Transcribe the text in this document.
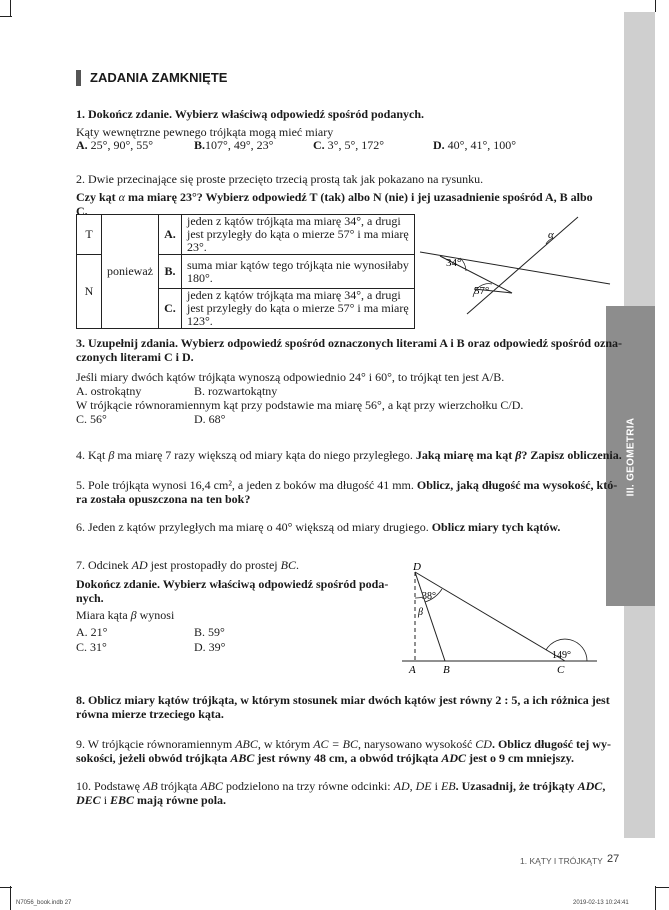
III. GEOMETRIA
ZADANIA ZAMKNIĘTE
1. Dokończ zdanie. Wybierz właściwą odpowiedź spośród podanych.
Kąty wewnętrzne pewnego trójkąta mogą mieć miary
A. 25°, 90°, 55°	B.107°, 49°, 23°	C. 3°, 5°, 172°	D. 40°, 41°, 100°
2. Dwie przecinające się proste przecięto trzecią prostą tak jak pokazano na rysunku.
Czy kąt α ma miarę 23°? Wybierz odpowiedź T (tak) albo N (nie) i jej uzasadnienie spośród A, B albo C.
T	ponieważ	A.	jeden z kątów trójkąta ma miarę 34°, a drugi jest przyległy do kąta o mierze 57° i ma miarę 23°.
N		B.	suma miar kątów tego trójkąta nie wynosiłaby 180°.
		C.	jeden z kątów trójkąta ma miarę 34°, a drugi jest przyległy do kąta o mierze 57° i ma miarę 123°.
34°
57°
α
3. Uzupełnij zdania. Wybierz odpowiedź spośród oznaczonych literami A i B oraz odpowiedź spośród ozna-
czonych literami C i D.
Jeśli miary dwóch kątów trójkąta wynoszą odpowiednio 24° i 60°, to trójkąt ten jest A/B.
A. ostrokątny	B. rozwartokątny
W trójkącie równoramiennym kąt przy podstawie ma miarę 56°, a kąt przy wierzchołku C/D.
C. 56°	D. 68°
4. Kąt β ma miarę 7 razy większą od miary kąta do niego przyległego. Jaką miarę ma kąt β? Zapisz obliczenia.
5. Pole trójkąta wynosi 16,4 cm², a jeden z boków ma długość 41 mm. Oblicz, jaką długość ma wysokość, któ-
ra została opuszczona na ten bok?
6. Jeden z kątów przyległych ma miarę o 40° większą od miary drugiego. Oblicz miary tych kątów.
7. Odcinek AD jest prostopadły do prostej BC.
Dokończ zdanie. Wybierz właściwą odpowiedź spośród poda-
nych.
Miara kąta β wynosi
A. 21°	B. 59°
C. 31°	D. 39°
D
A B	C
38°
β
149°
8. Oblicz miary kątów trójkąta, w którym stosunek miar dwóch kątów jest równy 2 : 5, a ich różnica jest
równa mierze trzeciego kąta.
9. W trójkącie równoramiennym ABC, w którym AC = BC, narysowano wysokość CD. Oblicz długość tej wy-
sokości, jeżeli obwód trójkąta ABC jest równy 48 cm, a obwód trójkąta ADC jest o 9 cm mniejszy.
10. Podstawę AB trójkąta ABC podzielono na trzy równe odcinki: AD, DE i EB. Uzasadnij, że trójkąty ADC,
DEC i EBC mają równe pola.
1. KĄTY I TRÓJKĄTY 27
N7056_book.indb 27	2019-02-13 10:24:41
